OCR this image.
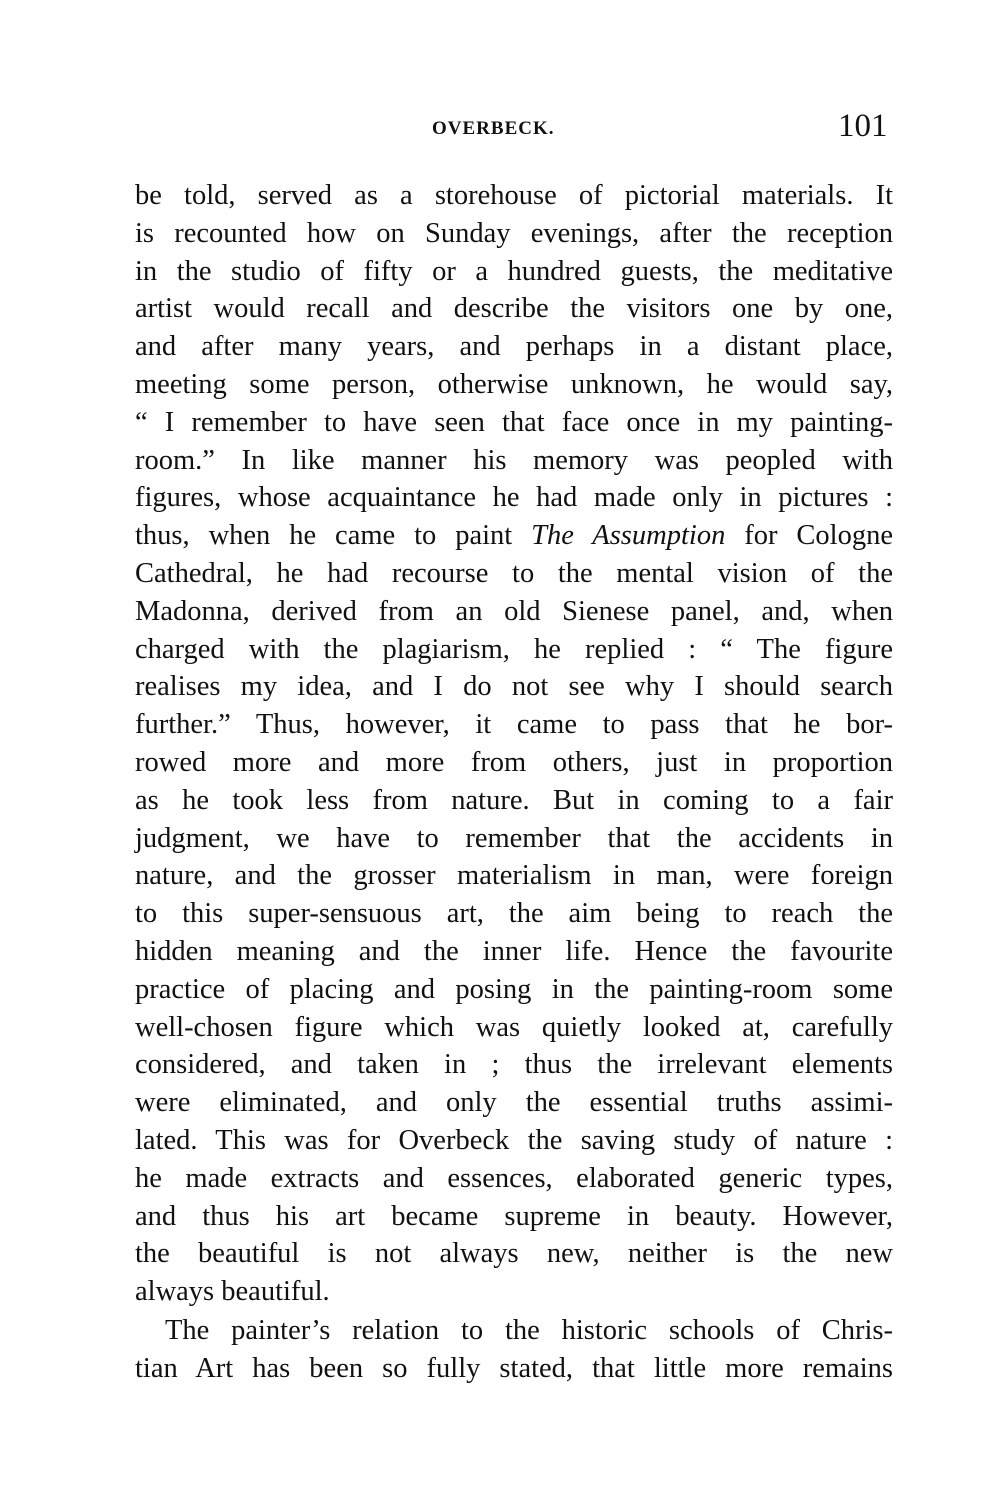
OVERBECK.	101
be told, served as a storehouse of pictorial materials. It
is recounted how on Sunday evenings, after the reception
in the studio of fifty or a hundred guests, the meditative
artist would recall and describe the visitors one by one,
and after many years, and perhaps in a distant place,
meeting some person, otherwise unknown, he would say,
“ I remember to have seen that face once in my painting-
room.” In like manner his memory was peopled with
figures, whose acquaintance he had made only in pictures :
thus, when he came to paint The Assumption for Cologne
Cathedral, he had recourse to the mental vision of the
Madonna, derived from an old Sienese panel, and, when
charged with the plagiarism, he replied : “ The figure
realises my idea, and I do not see why I should search
further.” Thus, however, it came to pass that he bor-
rowed more and more from others, just in proportion
as he took less from nature. But in coming to a fair
judgment, we have to remember that the accidents in
nature, and the grosser materialism in man, were foreign
to this super-sensuous art, the aim being to reach the
hidden meaning and the inner life. Hence the favourite
practice of placing and posing in the painting-room some
well-chosen figure which was quietly looked at, carefully
considered, and taken in ; thus the irrelevant elements
were eliminated, and only the essential truths assimi-
lated. This was for Overbeck the saving study of nature :
he made extracts and essences, elaborated generic types,
and thus his art became supreme in beauty. However,
the beautiful is not always new, neither is the new
always beautiful.
The painter’s relation to the historic schools of Chris-
tian Art has been so fully stated, that little more remains
